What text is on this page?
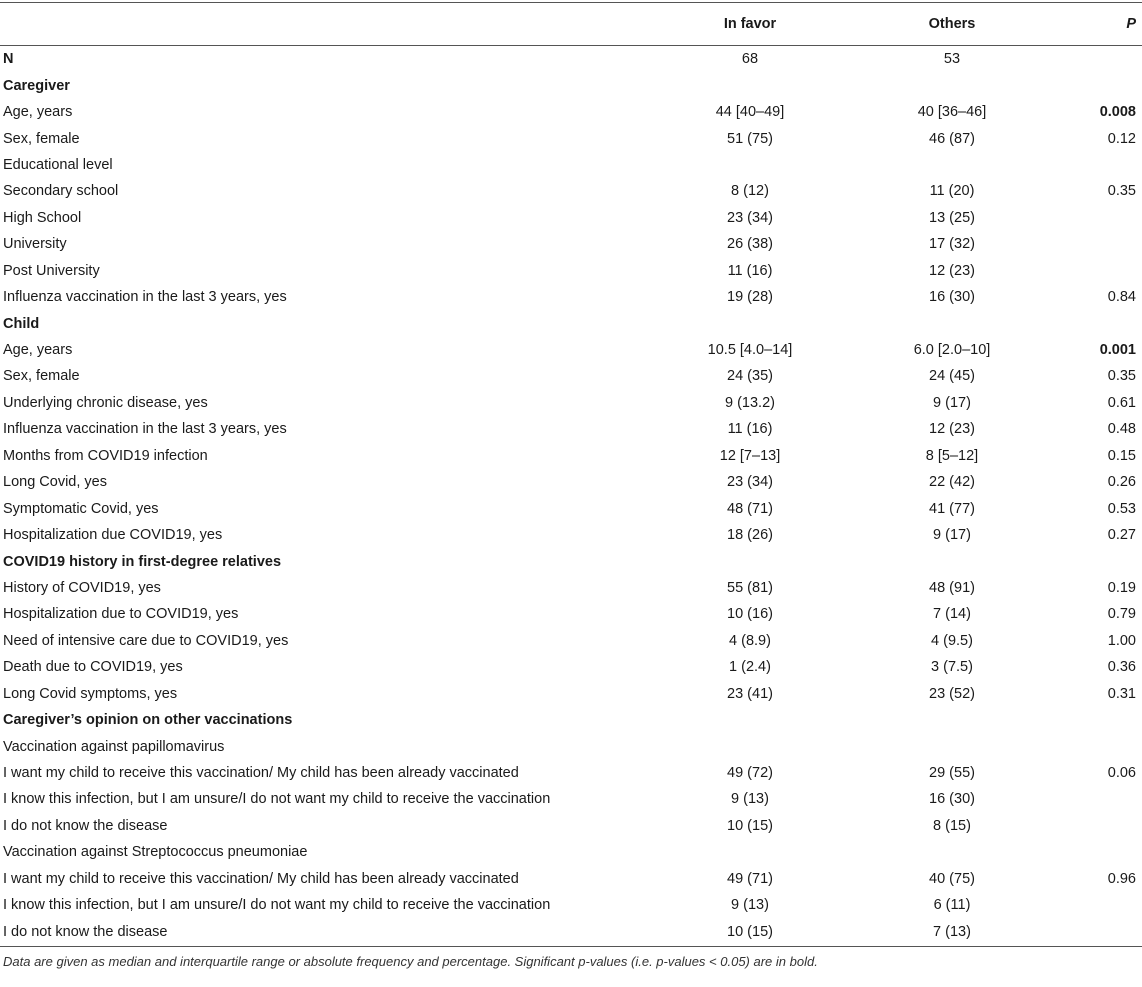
	In favor	Others	P
N	68	53	
Caregiver			
Age, years	44 [40–49]	40 [36–46]	0.008
Sex, female	51 (75)	46 (87)	0.12
Educational level			
Secondary school	8 (12)	11 (20)	0.35
High School	23 (34)	13 (25)	
University	26 (38)	17 (32)	
Post University	11 (16)	12 (23)	
Influenza vaccination in the last 3 years, yes	19 (28)	16 (30)	0.84
Child			
Age, years	10.5 [4.0–14]	6.0 [2.0–10]	0.001
Sex, female	24 (35)	24 (45)	0.35
Underlying chronic disease, yes	9 (13.2)	9 (17)	0.61
Influenza vaccination in the last 3 years, yes	11 (16)	12 (23)	0.48
Months from COVID19 infection	12 [7–13]	8 [5–12]	0.15
Long Covid, yes	23 (34)	22 (42)	0.26
Symptomatic Covid, yes	48 (71)	41 (77)	0.53
Hospitalization due COVID19, yes	18 (26)	9 (17)	0.27
COVID19 history in first-degree relatives			
History of COVID19, yes	55 (81)	48 (91)	0.19
Hospitalization due to COVID19, yes	10 (16)	7 (14)	0.79
Need of intensive care due to COVID19, yes	4 (8.9)	4 (9.5)	1.00
Death due to COVID19, yes	1 (2.4)	3 (7.5)	0.36
Long Covid symptoms, yes	23 (41)	23 (52)	0.31
Caregiver’s opinion on other vaccinations			
Vaccination against papillomavirus			
I want my child to receive this vaccination/ My child has been already vaccinated	49 (72)	29 (55)	0.06
I know this infection, but I am unsure/I do not want my child to receive the vaccination	9 (13)	16 (30)	
I do not know the disease	10 (15)	8 (15)	
Vaccination against Streptococcus pneumoniae			
I want my child to receive this vaccination/ My child has been already vaccinated	49 (71)	40 (75)	0.96
I know this infection, but I am unsure/I do not want my child to receive the vaccination	9 (13)	6 (11)	
I do not know the disease	10 (15)	7 (13)	
Data are given as median and interquartile range or absolute frequency and percentage. Significant p-values (i.e. p-values < 0.05) are in bold.
